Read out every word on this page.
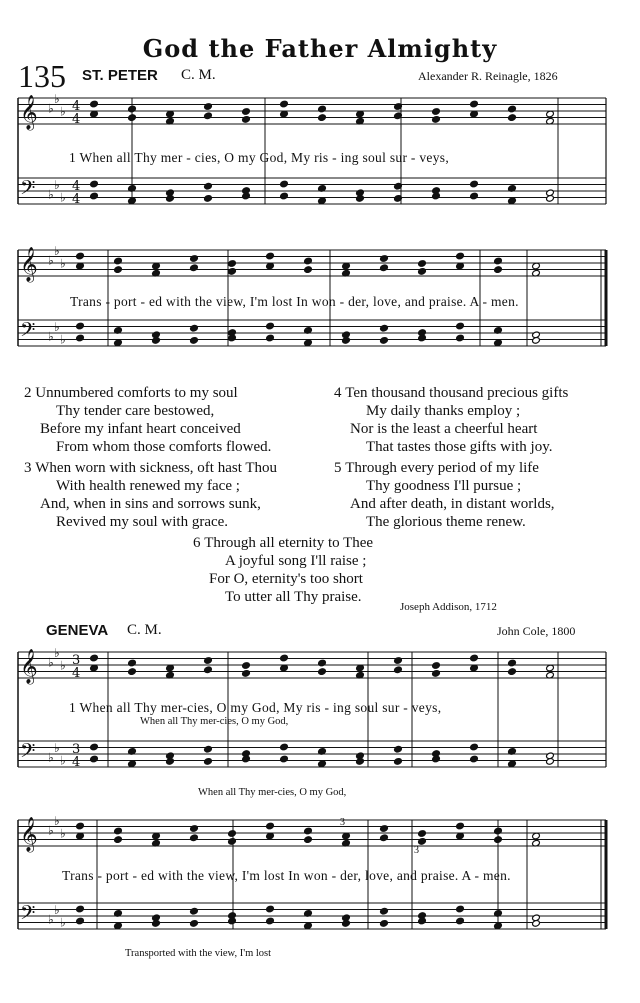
God the Father Almighty
135 ST. PETER C. M.	Alexander R. Reinagle, 1826
𝄞
𝄢
♭
♭
♭
♭
♭
♭
4
4
4
4
𝄞
𝄢
♭
♭
♭
♭
♭
♭
𝄞
𝄢
♭
♭
♭
♭
♭
♭
3
4
3
4
𝄞
𝄢
♭
♭
♭
♭
♭
♭
1 When all Thy mer - cies, O my God, My ris - ing soul sur - veys,
Trans - port - ed with the view, I'm lost In won - der, love, and praise. A - men.
2 Unnumbered comforts to my soul
Thy tender care bestowed,
Before my infant heart conceived
From whom those comforts flowed.
3 When worn with sickness, oft hast Thou
With health renewed my face ;
And, when in sins and sorrows sunk,
Revived my soul with grace.
4 Ten thousand thousand precious gifts
My daily thanks employ ;
Nor is the least a cheerful heart
That tastes those gifts with joy.
5 Through every period of my life
Thy goodness I'll pursue ;
And after death, in distant worlds,
The glorious theme renew.
6 Through all eternity to Thee
A joyful song I'll raise ;
For O, eternity's too short
To utter all Thy praise.
Joseph Addison, 1712
GENEVA C. M.	John Cole, 1800
1 When all Thy mer-cies, O my God, My ris - ing soul sur - veys,
When all Thy mer-cies, O my God,
When all Thy mer-cies, O my God,
Trans - port - ed with the view, I'm lost In won - der, love, and praise. A - men.
Transported with the view, I'm lost
3
3
